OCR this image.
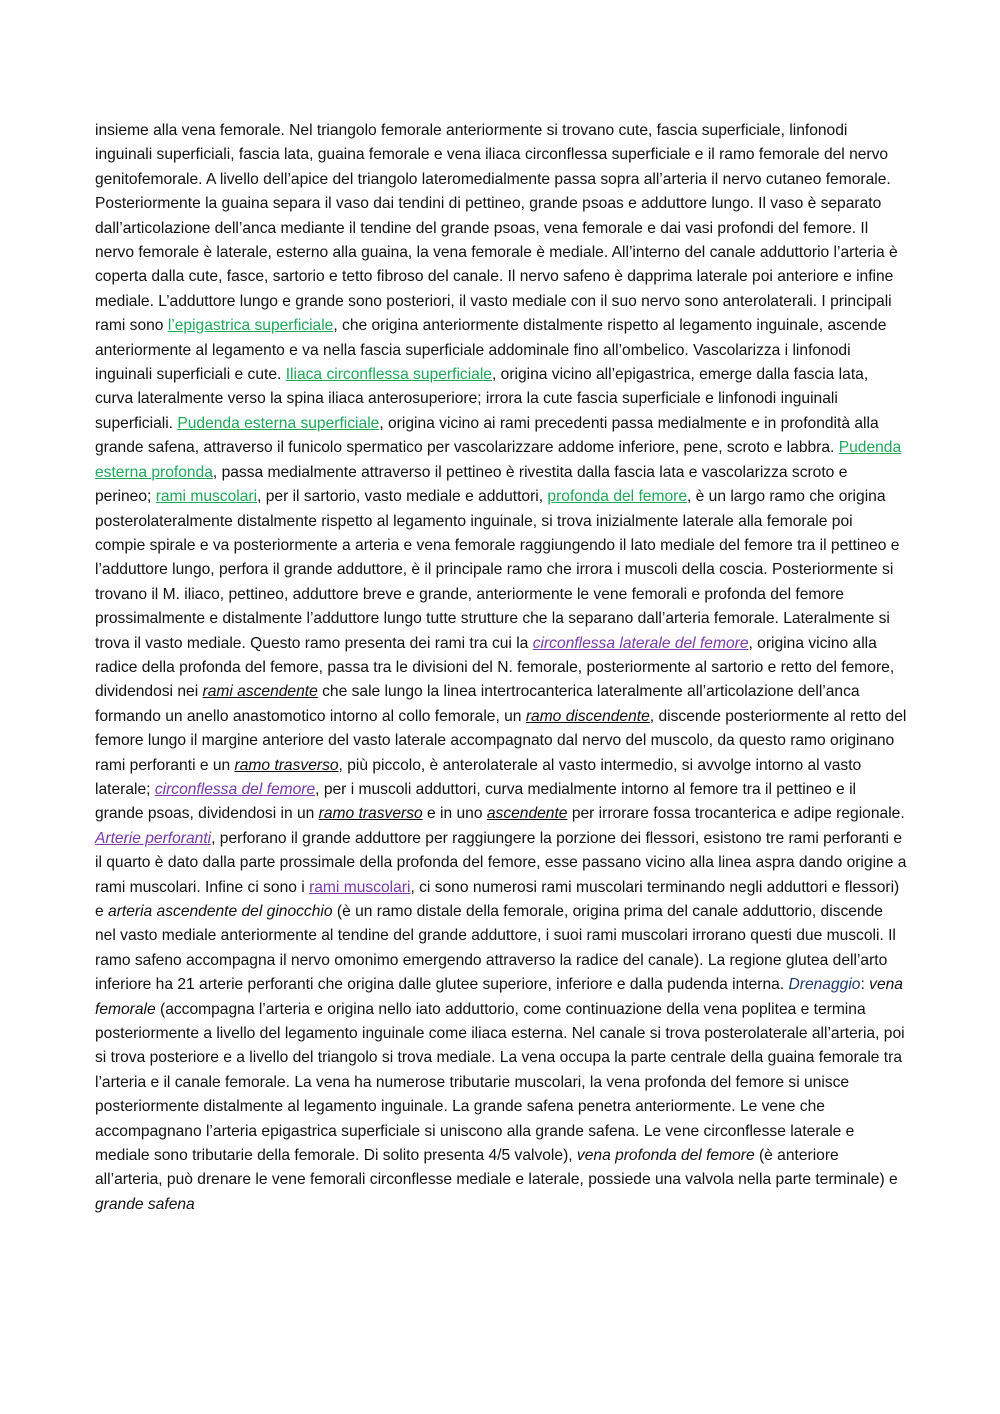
insieme alla vena femorale. Nel triangolo femorale anteriormente si trovano cute, fascia superficiale, linfonodi inguinali superficiali, fascia lata, guaina femorale e vena iliaca circonflessa superficiale e il ramo femorale del nervo genitofemorale. A livello dell’apice del triangolo lateromedialmente passa sopra all’arteria il nervo cutaneo femorale. Posteriormente la guaina separa il vaso dai tendini di pettineo, grande psoas e adduttore lungo. Il vaso è separato dall’articolazione dell’anca mediante il tendine del grande psoas, vena femorale e dai vasi profondi del femore. Il nervo femorale è laterale, esterno alla guaina, la vena femorale è mediale. All’interno del canale adduttorio l’arteria è coperta dalla cute, fasce, sartorio e tetto fibroso del canale. Il nervo safeno è dapprima laterale poi anteriore e infine mediale. L’adduttore lungo e grande sono posteriori, il vasto mediale con il suo nervo sono anterolaterali. I principali rami sono l’epigastrica superficiale, che origina anteriormente distalmente rispetto al legamento inguinale, ascende anteriormente al legamento e va nella fascia superficiale addominale fino all’ombelico. Vascolarizza i linfonodi inguinali superficiali e cute. Iliaca circonflessa superficiale, origina vicino all’epigastrica, emerge dalla fascia lata, curva lateralmente verso la spina iliaca anterosuperiore; irrora la cute fascia superficiale e linfonodi inguinali superficiali. Pudenda esterna superficiale, origina vicino ai rami precedenti passa medialmente e in profondità alla grande safena, attraverso il funicolo spermatico per vascolarizzare addome inferiore, pene, scroto e labbra. Pudenda esterna profonda, passa medialmente attraverso il pettineo è rivestita dalla fascia lata e vascolarizza scroto e perineo; rami muscolari, per il sartorio, vasto mediale e adduttori, profonda del femore, è un largo ramo che origina posterolateralmente distalmente rispetto al legamento inguinale, si trova inizialmente laterale alla femorale poi compie spirale e va posteriormente a arteria e vena femorale raggiungendo il lato mediale del femore tra il pettineo e l’adduttore lungo, perfora il grande adduttore, è il principale ramo che irrora i muscoli della coscia. Posteriormente si trovano il M. iliaco, pettineo, adduttore breve e grande, anteriormente le vene femorali e profonda del femore prossimalmente e distalmente l’adduttore lungo tutte strutture che la separano dall’arteria femorale. Lateralmente si trova il vasto mediale. Questo ramo presenta dei rami tra cui la circonflessa laterale del femore, origina vicino alla radice della profonda del femore, passa tra le divisioni del N. femorale, posteriormente al sartorio e retto del femore, dividendosi nei rami ascendente che sale lungo la linea intertrocanterica lateralmente all’articolazione dell’anca formando un anello anastomotico intorno al collo femorale, un ramo discendente, discende posteriormente al retto del femore lungo il margine anteriore del vasto laterale accompagnato dal nervo del muscolo, da questo ramo originano rami perforanti e un ramo trasverso, più piccolo, è anterolaterale al vasto intermedio, si avvolge intorno al vasto laterale; circonflessa del femore, per i muscoli adduttori, curva medialmente intorno al femore tra il pettineo e il grande psoas, dividendosi in un ramo trasverso e in uno ascendente per irrorare fossa trocanterica e adipe regionale. Arterie perforanti, perforano il grande adduttore per raggiungere la porzione dei flessori, esistono tre rami perforanti e il quarto è dato dalla parte prossimale della profonda del femore, esse passano vicino alla linea aspra dando origine a rami muscolari. Infine ci sono i rami muscolari, ci sono numerosi rami muscolari terminando negli adduttori e flessori) e arteria ascendente del ginocchio (è un ramo distale della femorale, origina prima del canale adduttorio, discende nel vasto mediale anteriormente al tendine del grande adduttore, i suoi rami muscolari irrorano questi due muscoli. Il ramo safeno accompagna il nervo omonimo emergendo attraverso la radice del canale). La regione glutea dell’arto inferiore ha 21 arterie perforanti che origina dalle glutee superiore, inferiore e dalla pudenda interna. Drenaggio: vena femorale (accompagna l’arteria e origina nello iato adduttorio, come continuazione della vena poplitea e termina posteriormente a livello del legamento inguinale come iliaca esterna. Nel canale si trova posterolaterale all’arteria, poi si trova posteriore e a livello del triangolo si trova mediale. La vena occupa la parte centrale della guaina femorale tra l’arteria e il canale femorale. La vena ha numerose tributarie muscolari, la vena profonda del femore si unisce posteriormente distalmente al legamento inguinale. La grande safena penetra anteriormente. Le vene che accompagnano l’arteria epigastrica superficiale si uniscono alla grande safena. Le vene circonflesse laterale e mediale sono tributarie della femorale. Di solito presenta 4/5 valvole), vena profonda del femore (è anteriore all’arteria, può drenare le vene femorali circonflesse mediale e laterale, possiede una valvola nella parte terminale) e grande safena
